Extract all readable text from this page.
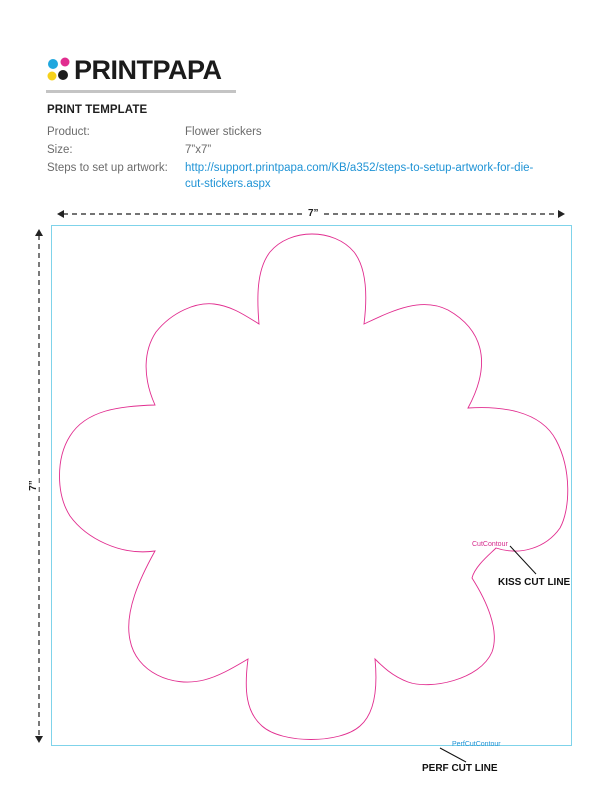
PRINTPAPA
PRINT TEMPLATE
Product:	Flower stickers
Size:	7”x7”
Steps to set up artwork:	http://support.printpapa.com/KB/a352/steps-to-setup-artwork-for-die-
cut-stickers.aspx
7”
7”
CutContour
KISS CUT LINE
PerfCutContour
PERF CUT LINE
